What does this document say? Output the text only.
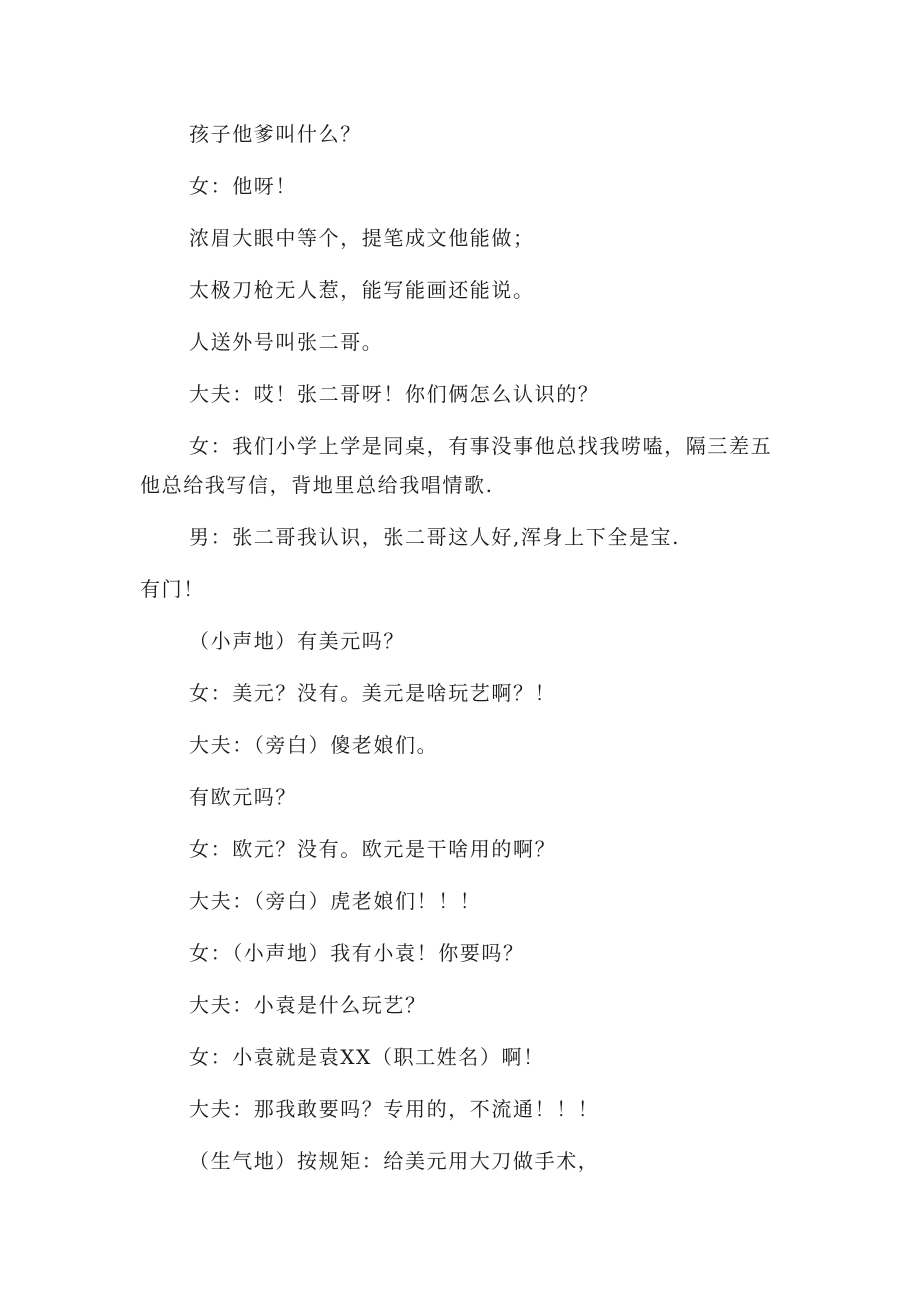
孩子他爹叫什么？
女：他呀！
浓眉大眼中等个，提笔成文他能做；
太极刀枪无人惹，能写能画还能说。
人送外号叫张二哥。
大夫：哎！张二哥呀！你们俩怎么认识的？
女：我们小学上学是同桌，有事没事他总找我唠嗑，隔三差五
他总给我写信，背地里总给我唱情歌.
男：张二哥我认识，张二哥这人好,浑身上下全是宝.
有门！
（小声地）有美元吗？
女：美元？没有。美元是啥玩艺啊？！
大夫：（旁白）傻老娘们。
有欧元吗？
女：欧元？没有。欧元是干啥用的啊？
大夫：（旁白）虎老娘们！！！
女：（小声地）我有小袁！你要吗？
大夫：小袁是什么玩艺？
女：小袁就是袁XX（职工姓名）啊！
大夫：那我敢要吗？专用的，不流通！！！
（生气地）按规矩：给美元用大刀做手术，
